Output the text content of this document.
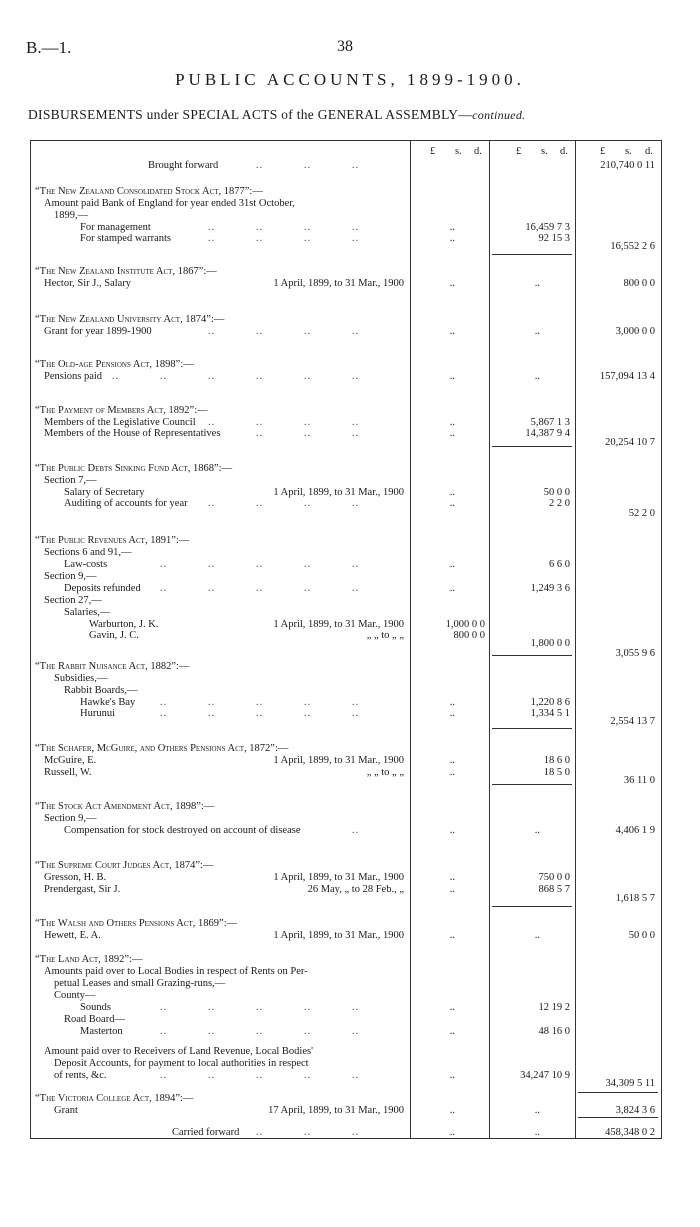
B.—1.	38
PUBLIC ACCOUNTS, 1899-1900.
DISBURSEMENTS under SPECIAL ACTS of the GENERAL ASSEMBLY—continued.
£ s. d.	£ s. d.	£ s. d.
Brought forward	..	..	..	210,740 0 11
“The New Zealand Consolidated Stock Act, 1877”:—
Amount paid Bank of England for year ended 31st October,
1899,—
For management	..	..	..	..	..	16,459 7 3
For stamped warrants	..	..	..	..	..	92 15 3
16,552 2 6
“The New Zealand Institute Act, 1867”:—
Hector, Sir J., Salary	1 April, 1899, to 31 Mar., 1900	..	..	800 0 0
“The New Zealand University Act, 1874”:—
Grant for year 1899-1900	..	..	..	..	..	..	3,000 0 0
“The Old-age Pensions Act, 1898”:—
Pensions paid ..	..	..	..	..	..	..	..	157,094 13 4
“The Payment of Members Act, 1892”:—
Members of the Legislative Council ..	..	..	..	..	5,867 1 3
Members of the House of Representatives	..	..	..	..	14,387 9 4
20,254 10 7
“The Public Debts Sinking Fund Act, 1868”:—
Section 7,—
Salary of Secretary	1 April, 1899, to 31 Mar., 1900	..	50 0 0
Auditing of accounts for year ..	..	..	..	..	2 2 0
52 2 0
“The Public Revenues Act, 1891”:—
Sections 6 and 91,—
Law-costs	..	..	..	..	..	..	6 6 0
Section 9,—
Deposits refunded ..	..	..	..	..	..	1,249 3 6
Section 27,—
Salaries,—
Warburton, J. K.	1 April, 1899, to 31 Mar., 1900	1,000 0 0
Gavin, J. C.	„ „ to „ „	800 0 0
1,800 0 0
3,055 9 6
“The Rabbit Nuisance Act, 1882”:—
Subsidies,—
Rabbit Boards,—
Hawke's Bay ..	..	..	..	..	..	1,220 8 6
Hurunui	..	..	..	..	..	..	1,334 5 1
2,554 13 7
“The Schafer, McGuire, and Others Pensions Act, 1872”:—
McGuire, E.	1 April, 1899, to 31 Mar., 1900	..	18 6 0
Russell, W.	„ „ to „ „	..	18 5 0
36 11 0
“The Stock Act Amendment Act, 1898”:—
Section 9,—
Compensation for stock destroyed on account of disease	..	..	..	4,406 1 9
“The Supreme Court Judges Act, 1874”:—
Gresson, H. B.	1 April, 1899, to 31 Mar., 1900	..	750 0 0
Prendergast, Sir J.	26 May, „ to 28 Feb., „	..	868 5 7
1,618 5 7
“The Walsh and Others Pensions Act, 1869”:—
Hewett, E. A.	1 April, 1899, to 31 Mar., 1900	..	..	50 0 0
“The Land Act, 1892”:—
Amounts paid over to Local Bodies in respect of Rents on Per-
petual Leases and small Grazing-runs,—
County—
Sounds	..	..	..	..	..	..	12 19 2
Road Board—
Masterton	..	..	..	..	..	..	48 16 0
Amount paid over to Receivers of Land Revenue, Local Bodies'
Deposit Accounts, for payment to local authorities in respect
of rents, &c.	..	..	..	..	..	..	34,247 10 9
34,309 5 11
“The Victoria College Act, 1894”:—
Grant	17 April, 1899, to 31 Mar., 1900	..	..	3,824 3 6
Carried forward ..	..	..	..	..	458,348 0 2
